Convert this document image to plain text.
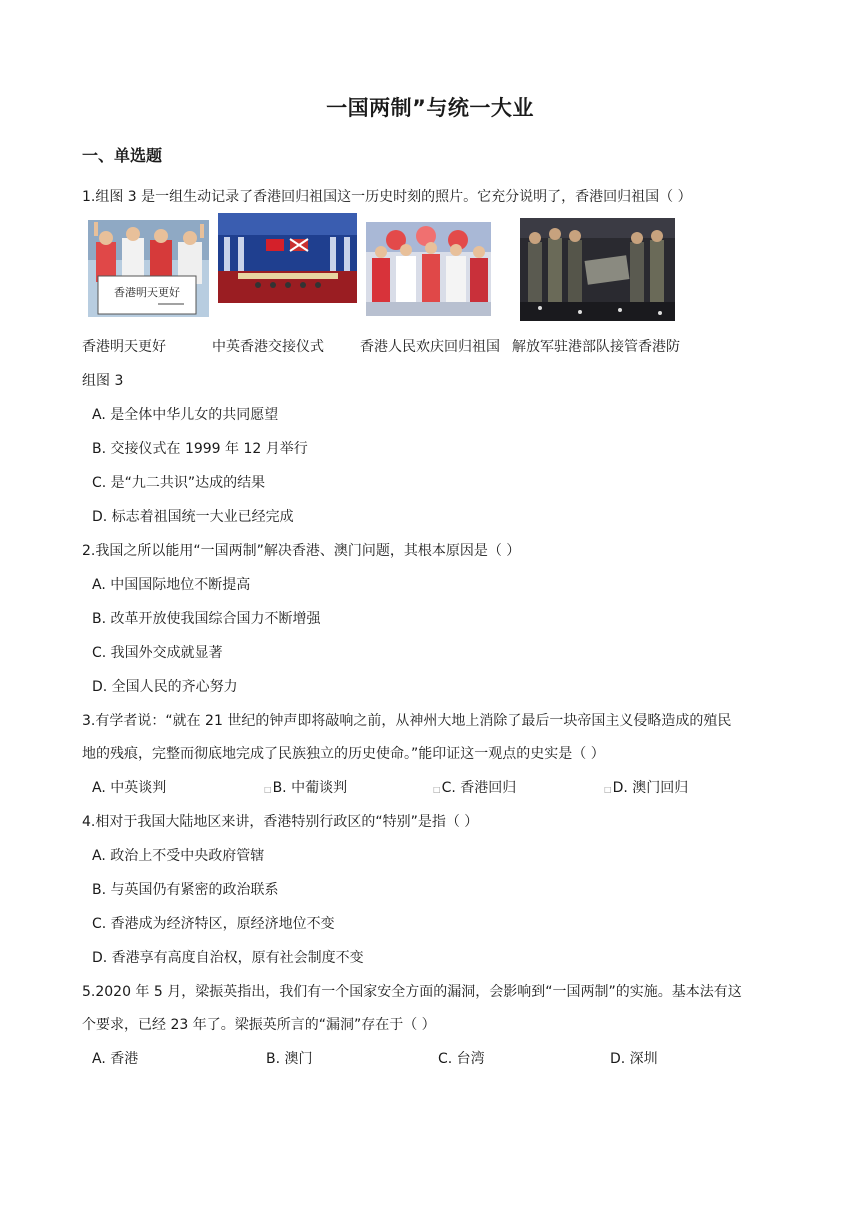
一国两制”与统一大业
一、单选题
1.组图 3 是一组生动记录了香港回归祖国这一历史时刻的照片。它充分说明了，香港回归祖国（ ）
香港明天更好
香港明天更好	中英香港交接仪式	香港人民欢庆回归祖国 解放军驻港部队接管香港防
组图 3
A. 是全体中华儿女的共同愿望
B. 交接仪式在 1999 年 12 月举行
C. 是“九二共识”达成的结果
D. 标志着祖国统一大业已经完成
2.我国之所以能用“一国两制”解决香港、澳门问题，其根本原因是（ ）
A. 中国国际地位不断提高
B. 改革开放使我国综合国力不断增强
C. 我国外交成就显著
D. 全国人民的齐心努力
3.有学者说：“就在 21 世纪的钟声即将敲响之前，从神州大地上消除了最后一块帝国主义侵略造成的殖民
地的残痕，完整而彻底地完成了民族独立的历史使命。”能印证这一观点的史实是（ ）
A. 中英谈判	□B. 中葡谈判	□C. 香港回归	□D. 澳门回归
4.相对于我国大陆地区来讲，香港特别行政区的“特别”是指（ ）
A. 政治上不受中央政府管辖
B. 与英国仍有紧密的政治联系
C. 香港成为经济特区，原经济地位不变
D. 香港享有高度自治权，原有社会制度不变
5.2020 年 5 月，梁振英指出，我们有一个国家安全方面的漏洞，会影响到“一国两制”的实施。基本法有这
个要求，已经 23 年了。梁振英所言的“漏洞”存在于（ ）
A. 香港	B. 澳门	C. 台湾	D. 深圳
